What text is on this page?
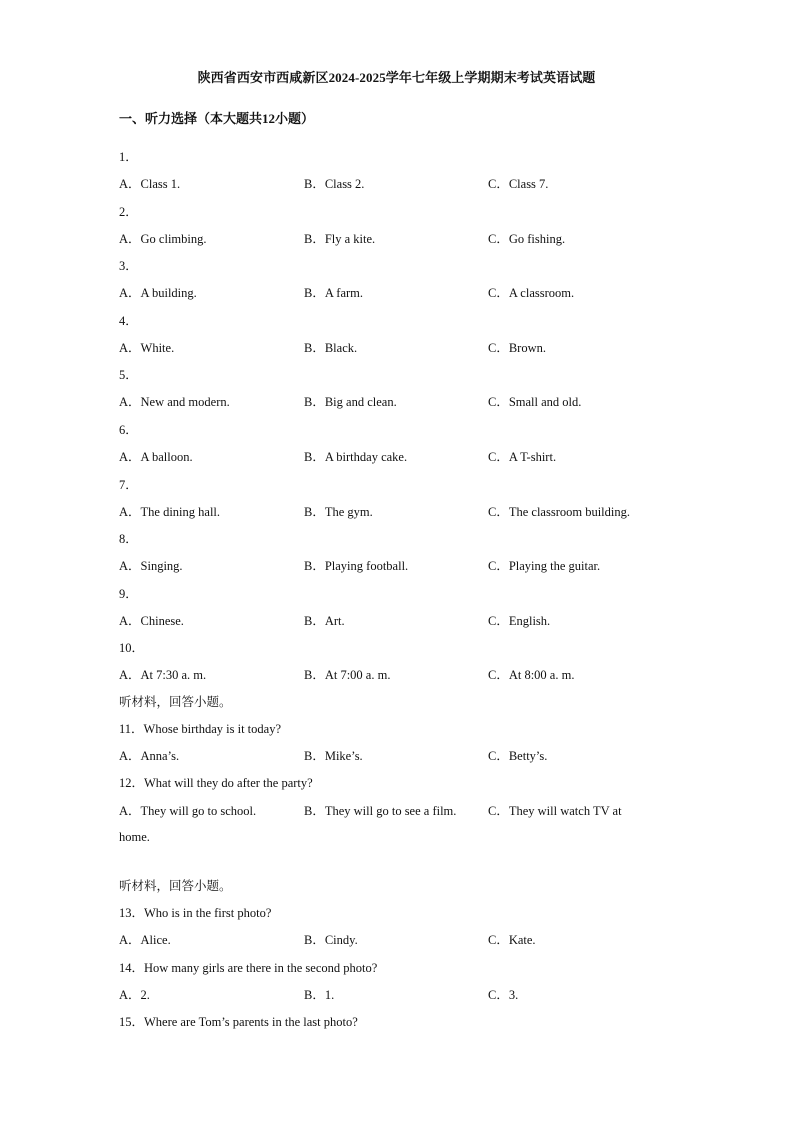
陕西省西安市西咸新区2024-2025学年七年级上学期期末考试英语试题
一、听力选择（本大题共12小题）
1．
A．Class 1.	B．Class 2.	C．Class 7.
2．
A．Go climbing.	B．Fly a kite.	C．Go fishing.
3．
A．A building.	B．A farm.	C．A classroom.
4．
A．White.	B．Black.	C．Brown.
5．
A．New and modern.	B．Big and clean.	C．Small and old.
6．
A．A balloon.	B．A birthday cake.	C．A T-shirt.
7．
A．The dining hall.	B．The gym.	C．The classroom building.
8．
A．Singing.	B．Playing football.	C．Playing the guitar.
9．
A．Chinese.	B．Art.	C．English.
10．
A．At 7:30 a. m.	B．At 7:00 a. m.	C．At 8:00 a. m.
听材料，回答小题。
11．Whose birthday is it today?
A．Anna’s.	B．Mike’s.	C．Betty’s.
12．What will they do after the party?
A．They will go to school.	B．They will go to see a film.	C．They will watch TV at
home.
听材料，回答小题。
13．Who is in the first photo?
A．Alice.	B．Cindy.	C．Kate.
14．How many girls are there in the second photo?
A．2.	B．1.	C．3.
15．Where are Tom’s parents in the last photo?
